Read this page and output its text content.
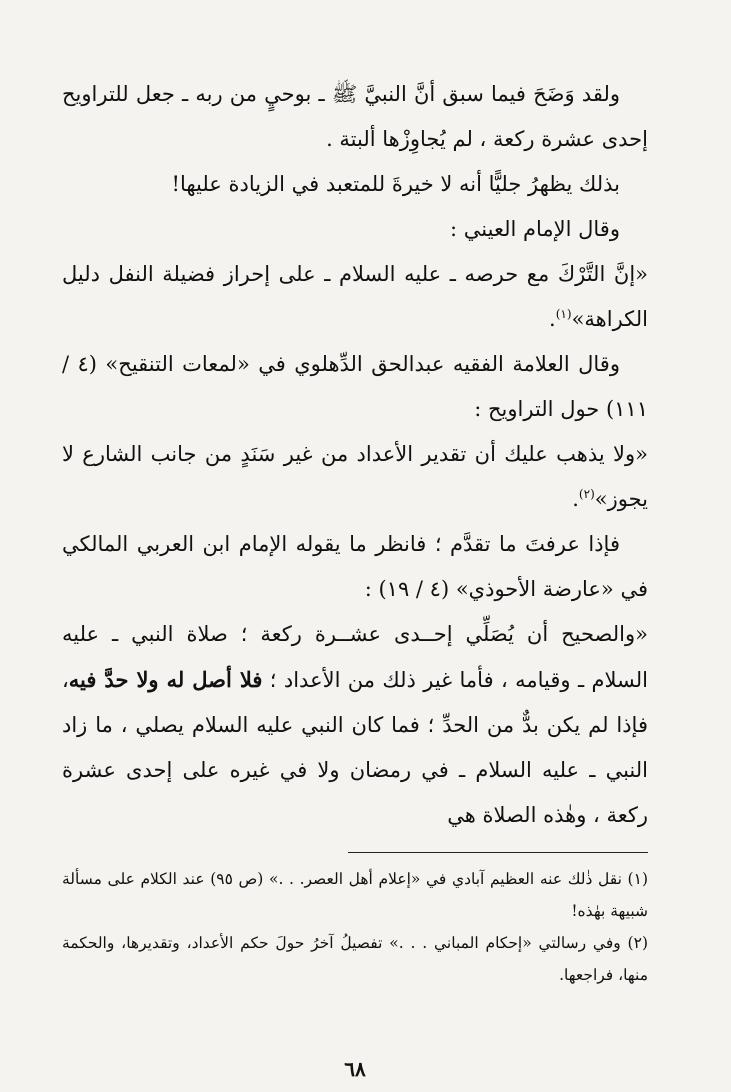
ولقد وَضَحَ فيما سبق أنَّ النبيَّ ﷺ ـ بوحيٍ من ربه ـ جعل للتراويح إحدى عشرة ركعة ، لم يُجاوِزْها ألبتة .

بذلك يظهرُ جليًّا أنه لا خيرةَ للمتعبد في الزيادة عليها!

وقال الإمام العيني :

«إنَّ التَّرْكَ مع حرصه ـ عليه السلام ـ على إحراز فضيلة النفل دليل الكراهة»$^{(١)}$.

وقال العلامة الفقيه عبدالحق الدِّهلوي في «لمعات التنقيح» (٤ / ١١١) حول التراويح :

«ولا يذهب عليك أن تقدير الأعداد من غير سَنَدٍ من جانب الشارع لا يجوز»$^{(٢)}$.

فإذا عرفتَ ما تقدَّم ؛ فانظر ما يقوله الإمام ابن العربي المالكي في «عارضة الأحوذي» (٤ / ١٩) :

«والصحيح أن يُصَلِّي إحــدى عشــرة ركعة ؛ صلاة النبي ـ عليه السلام ـ وقيامه ، فأما غير ذلك من الأعداد ؛ فلا أصل له ولا حدَّ فيه، فإذا لم يكن بدٌّ من الحدِّ ؛ فما كان النبي عليه السلام يصلي ، ما زاد النبي ـ عليه السلام ـ في رمضان ولا في غيره على إحدى عشرة ركعة ، وهٰذه الصلاة هي

(١) نقل ذٰلك عنه العظيم آبادي في «إعلام أهل العصر. . .» (ص ٩٥) عند الكلام على مسألة شبيهة بهٰذه!

(٢) وفي رسالتي «إحكام المباني . . .» تفصيلُ آخرُ حولَ حكم الأعداد، وتقديرها، والحكمة منها، فراجعها.

٦٨
